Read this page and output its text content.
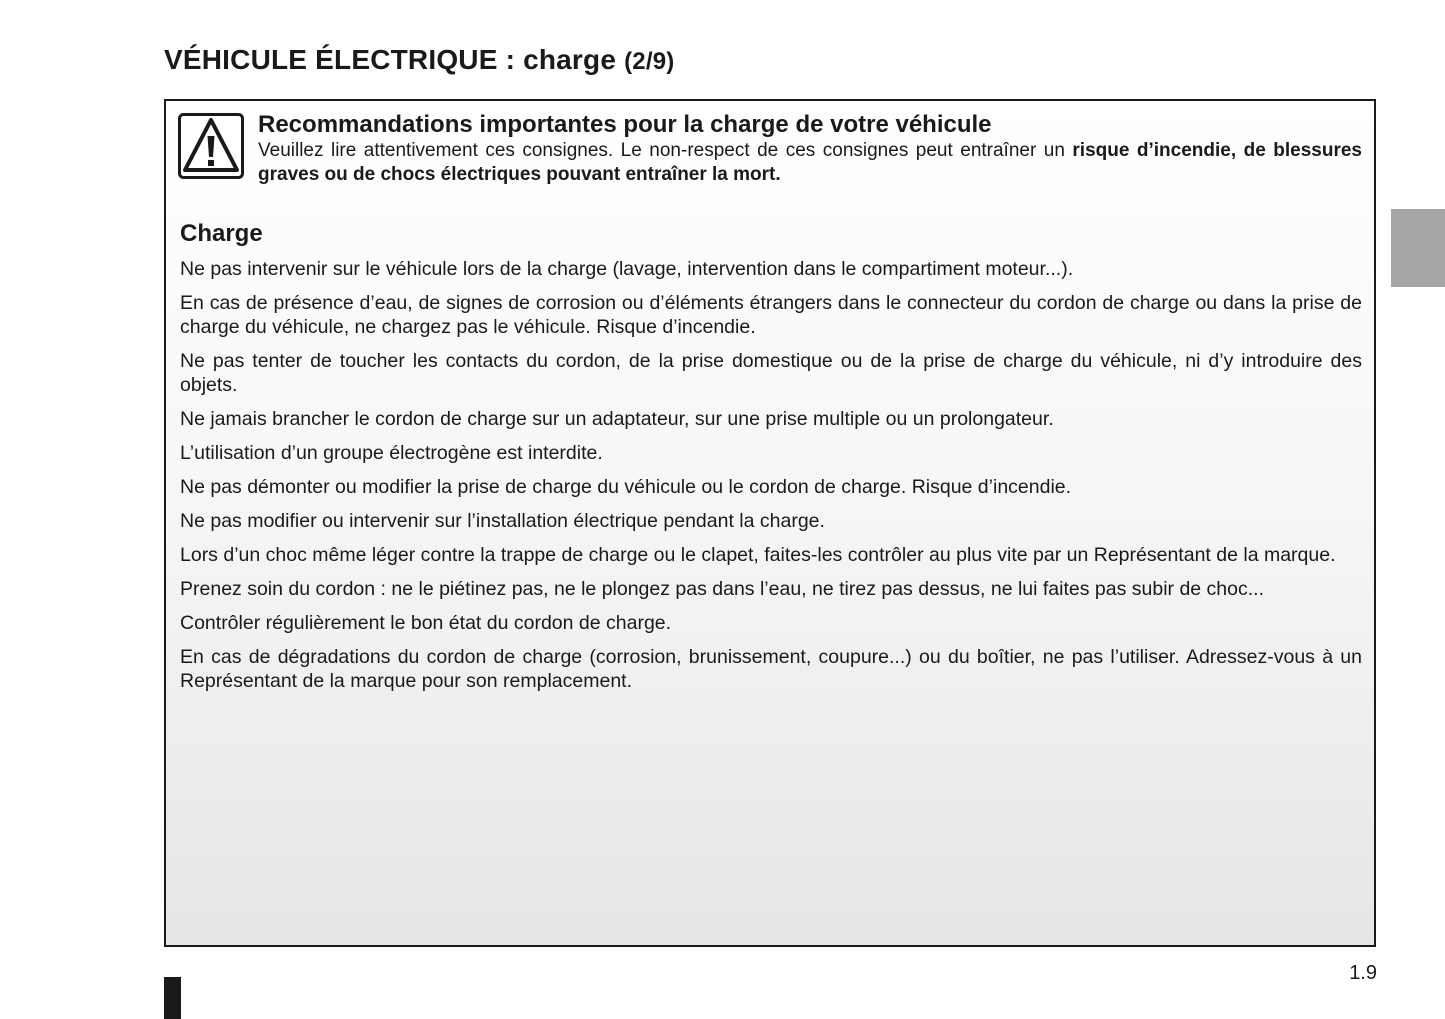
VÉHICULE ÉLECTRIQUE : charge (2/9)

Recommandations importantes pour la charge de votre véhicule

Veuillez lire attentivement ces consignes. Le non-respect de ces consignes peut entraîner un risque d’incendie, de blessures graves ou de chocs électriques pouvant entraîner la mort.

Charge

Ne pas intervenir sur le véhicule lors de la charge (lavage, intervention dans le compartiment moteur...).

En cas de présence d’eau, de signes de corrosion ou d’éléments étrangers dans le connecteur du cordon de charge ou dans la prise de charge du véhicule, ne chargez pas le véhicule. Risque d’incendie.

Ne pas tenter de toucher les contacts du cordon, de la prise domestique ou de la prise de charge du véhicule, ni d’y introduire des objets.

Ne jamais brancher le cordon de charge sur un adaptateur, sur une prise multiple ou un prolongateur.

L’utilisation d’un groupe électrogène est interdite.

Ne pas démonter ou modifier la prise de charge du véhicule ou le cordon de charge. Risque d’incendie.

Ne pas modifier ou intervenir sur l’installation électrique pendant la charge.

Lors d’un choc même léger contre la trappe de charge ou le clapet, faites-les contrôler au plus vite par un Représentant de la marque.

Prenez soin du cordon : ne le piétinez pas, ne le plongez pas dans l’eau, ne tirez pas dessus, ne lui faites pas subir de choc...

Contrôler régulièrement le bon état du cordon de charge.

En cas de dégradations du cordon de charge (corrosion, brunissement, coupure...) ou du boîtier, ne pas l’utiliser. Adressez-vous à un Représentant de la marque pour son remplacement.

1.9
